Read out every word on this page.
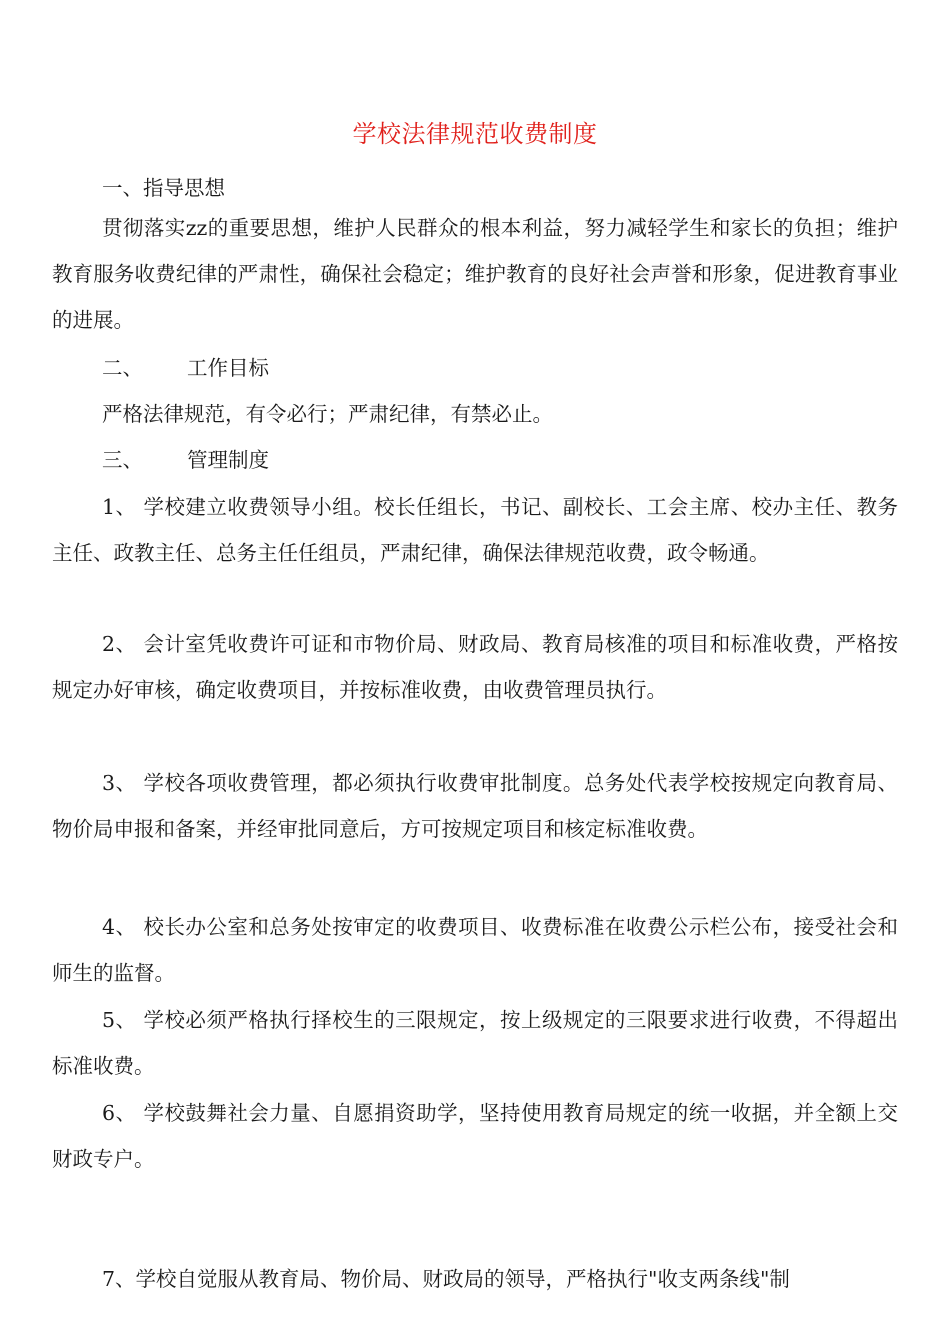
学校法律规范收费制度
一、指导思想

贯彻落实zz的重要思想，维护人民群众的根本利益，努力减轻学生和家长的负担；维护教育服务收费纪律的严肃性，确保社会稳定；维护教育的良好社会声誉和形象，促进教育事业的进展。

二、 工作目标

严格法律规范，有令必行；严肃纪律，有禁必止。

三、 管理制度

1、 学校建立收费领导小组。校长任组长，书记、副校长、工会主席、校办主任、教务主任、政教主任、总务主任任组员，严肃纪律，确保法律规范收费，政令畅通。

2、 会计室凭收费许可证和市物价局、财政局、教育局核准的项目和标准收费，严格按规定办好审核，确定收费项目，并按标准收费，由收费管理员执行。

3、 学校各项收费管理，都必须执行收费审批制度。总务处代表学校按规定向教育局、物价局申报和备案，并经审批同意后，方可按规定项目和核定标准收费。

4、 校长办公室和总务处按审定的收费项目、收费标准在收费公示栏公布，接受社会和师生的监督。

5、 学校必须严格执行择校生的三限规定，按上级规定的三限要求进行收费，不得超出标准收费。

6、 学校鼓舞社会力量、自愿捐资助学，坚持使用教育局规定的统一收据，并全额上交财政专户。

7、学校自觉服从教育局、物价局、财政局的领导，严格执行"收支两条线"制
